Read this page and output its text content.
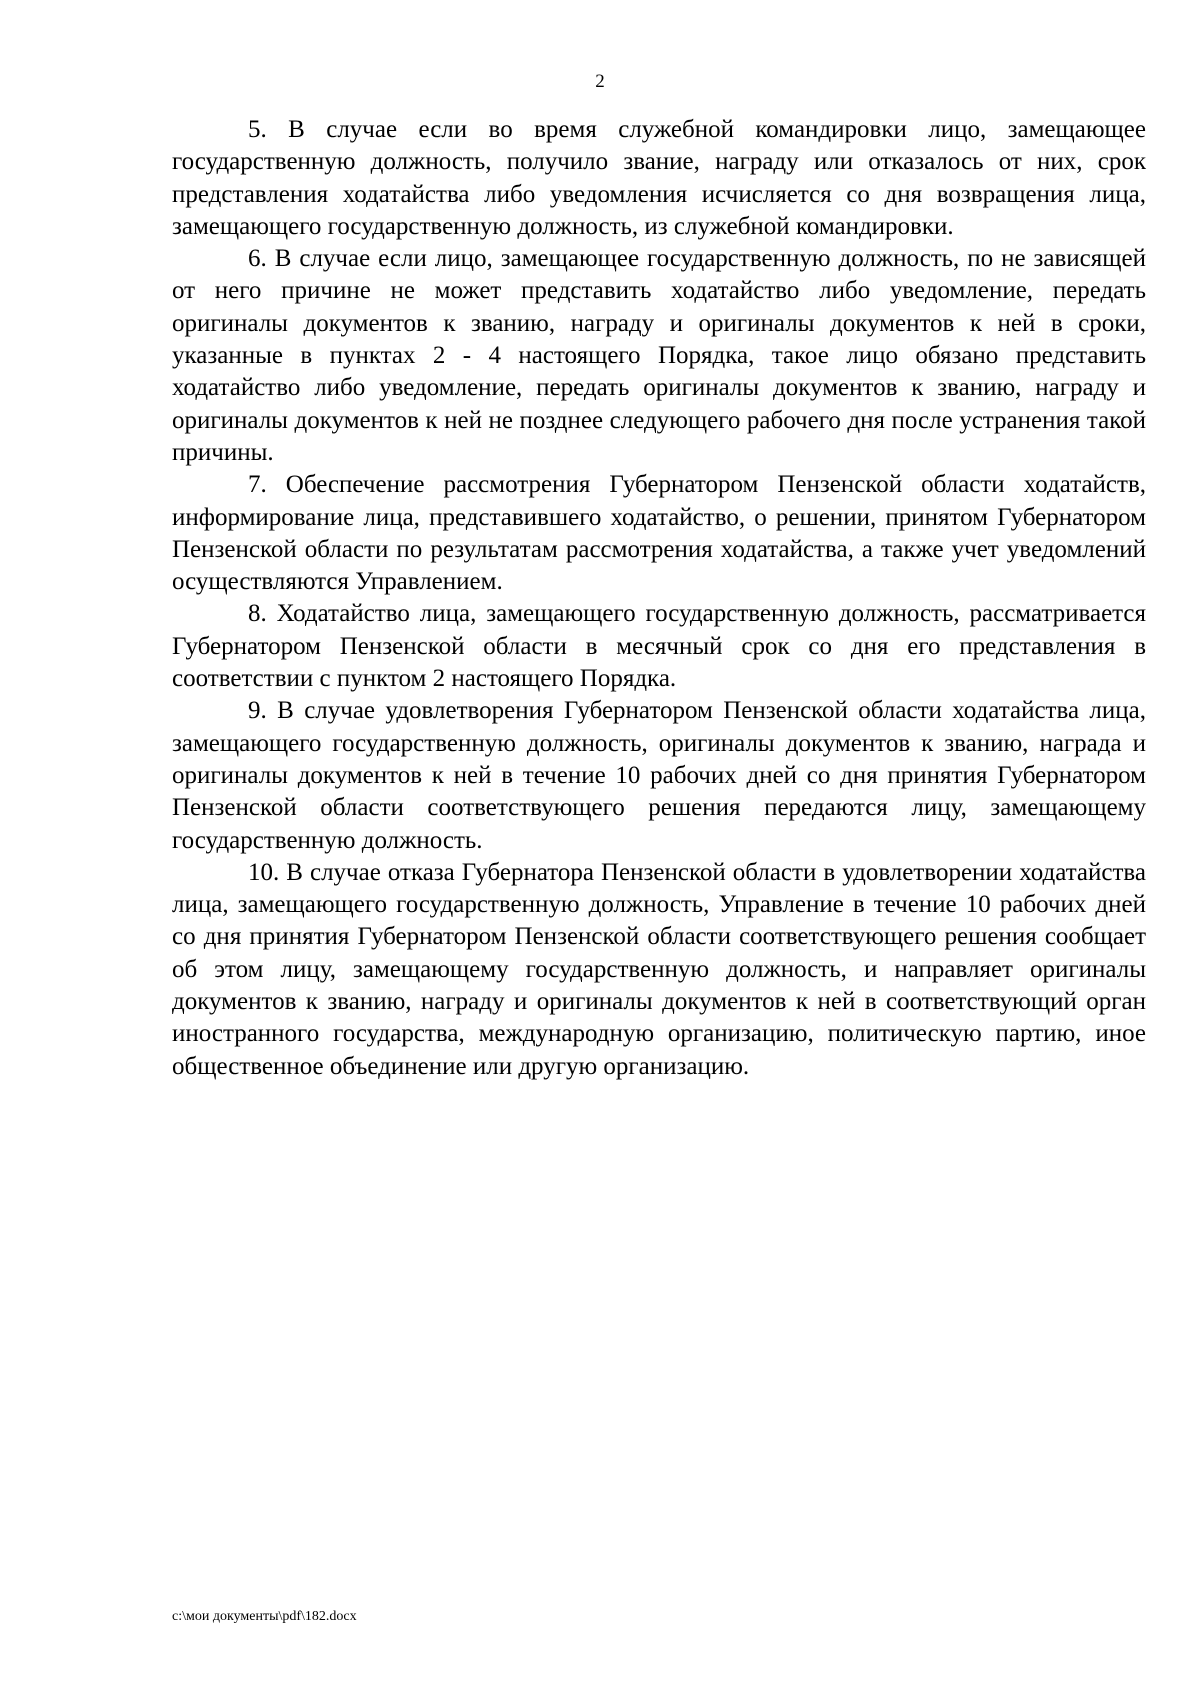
2

5. В случае если во время служебной командировки лицо, замещающее государственную должность, получило звание, награду или отказалось от них, срок представления ходатайства либо уведомления исчисляется со дня возвращения лица, замещающего государственную должность, из служебной командировки.

6. В случае если лицо, замещающее государственную должность, по не зависящей от него причине не может представить ходатайство либо уведомление, передать оригиналы документов к званию, награду и оригиналы документов к ней в сроки, указанные в пунктах 2 - 4 настоящего Порядка, такое лицо обязано представить ходатайство либо уведомление, передать оригиналы документов к званию, награду и оригиналы документов к ней не позднее следующего рабочего дня после устранения такой причины.

7. Обеспечение рассмотрения Губернатором Пензенской области ходатайств, информирование лица, представившего ходатайство, о решении, принятом Губернатором Пензенской области по результатам рассмотрения ходатайства, а также учет уведомлений осуществляются Управлением.

8. Ходатайство лица, замещающего государственную должность, рассматривается Губернатором Пензенской области в месячный срок со дня его представления в соответствии с пунктом 2 настоящего Порядка.

9. В случае удовлетворения Губернатором Пензенской области ходатайства лица, замещающего государственную должность, оригиналы документов к званию, награда и оригиналы документов к ней в течение 10 рабочих дней со дня принятия Губернатором Пензенской области соответствующего решения передаются лицу, замещающему государственную должность.

10. В случае отказа Губернатора Пензенской области в удовлетворении ходатайства лица, замещающего государственную должность, Управление в течение 10 рабочих дней со дня принятия Губернатором Пензенской области соответствующего решения сообщает об этом лицу, замещающему государственную должность, и направляет оригиналы документов к званию, награду и оригиналы документов к ней в соответствующий орган иностранного государства, международную организацию, политическую партию, иное общественное объединение или другую организацию.

c:\мои документы\pdf\182.docx
